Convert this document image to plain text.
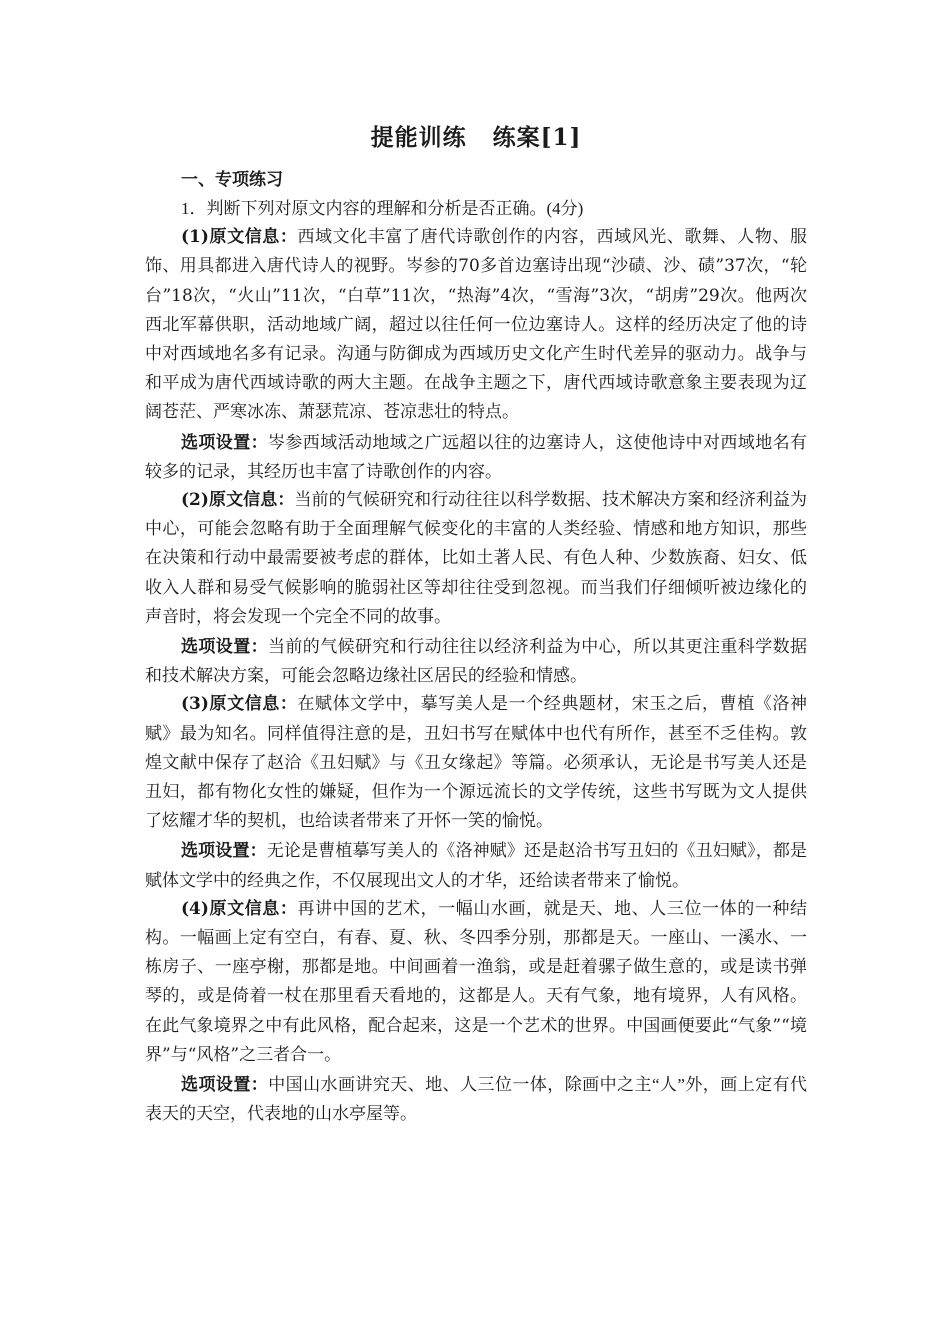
提能训练 练案[1]
一、专项练习

1．判断下列对原文内容的理解和分析是否正确。(4分)

(1)原文信息：西域文化丰富了唐代诗歌创作的内容，西域风光、歌舞、人物、服饰、用具都进入唐代诗人的视野。岑参的70多首边塞诗出现“沙碛、沙、碛”37次，“轮台”18次，“火山”11次，“白草”11次，“热海”4次，“雪海”3次，“胡虏”29次。他两次西北军幕供职，活动地域广阔，超过以往任何一位边塞诗人。这样的经历决定了他的诗中对西域地名多有记录。沟通与防御成为西域历史文化产生时代差异的驱动力。战争与和平成为唐代西域诗歌的两大主题。在战争主题之下，唐代西域诗歌意象主要表现为辽阔苍茫、严寒冰冻、萧瑟荒凉、苍凉悲壮的特点。

选项设置：岑参西域活动地域之广远超以往的边塞诗人，这使他诗中对西域地名有较多的记录，其经历也丰富了诗歌创作的内容。

(2)原文信息：当前的气候研究和行动往往以科学数据、技术解决方案和经济利益为中心，可能会忽略有助于全面理解气候变化的丰富的人类经验、情感和地方知识，那些在决策和行动中最需要被考虑的群体，比如土著人民、有色人种、少数族裔、妇女、低收入人群和易受气候影响的脆弱社区等却往往受到忽视。而当我们仔细倾听被边缘化的声音时，将会发现一个完全不同的故事。

选项设置：当前的气候研究和行动往往以经济利益为中心，所以其更注重科学数据和技术解决方案，可能会忽略边缘社区居民的经验和情感。

(3)原文信息：在赋体文学中，摹写美人是一个经典题材，宋玉之后，曹植《洛神赋》最为知名。同样值得注意的是，丑妇书写在赋体中也代有所作，甚至不乏佳构。敦煌文献中保存了赵洽《丑妇赋》与《丑女缘起》等篇。必须承认，无论是书写美人还是丑妇，都有物化女性的嫌疑，但作为一个源远流长的文学传统，这些书写既为文人提供了炫耀才华的契机，也给读者带来了开怀一笑的愉悦。

选项设置：无论是曹植摹写美人的《洛神赋》还是赵洽书写丑妇的《丑妇赋》，都是赋体文学中的经典之作，不仅展现出文人的才华，还给读者带来了愉悦。

(4)原文信息：再讲中国的艺术，一幅山水画，就是天、地、人三位一体的一种结构。一幅画上定有空白，有春、夏、秋、冬四季分别，那都是天。一座山、一溪水、一栋房子、一座亭榭，那都是地。中间画着一渔翁，或是赶着骡子做生意的，或是读书弹琴的，或是倚着一杖在那里看天看地的，这都是人。天有气象，地有境界，人有风格。在此气象境界之中有此风格，配合起来，这是一个艺术的世界。中国画便要此“气象”“境界”与“风格”之三者合一。

选项设置：中国山水画讲究天、地、人三位一体，除画中之主“人”外，画上定有代表天的天空，代表地的山水亭屋等。
